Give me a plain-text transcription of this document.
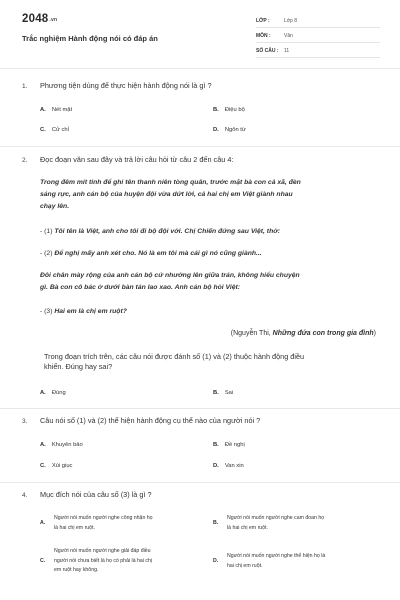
2048.vn
Trắc nghiệm Hành động nói có đáp án
LỚP :	Lớp 8
MÔN :	Văn
SỐ CÂU : 11
1. Phương tiện dùng để thực hiện hành động nói là gì ?
A. Nét mặt	B. Điệu bộ
C. Cử chỉ	D. Ngôn từ
2. Đọc đoạn văn sau đây và trả lời câu hỏi từ câu 2 đến câu 4:
Trong đêm mít tinh để ghi tên thanh niên tòng quân, trước mặt bà con cả xã, đèn
sáng rực, anh cán bộ của huyện đội vừa dứt lời, cả hai chị em Việt giành nhau
chạy lên.
- (1) Tôi tên là Việt, anh cho tôi đi bộ đội với. Chị Chiến đứng sau Việt, thở:
- (2) Để nghị mấy anh xét cho. Nó là em tôi mà cái gì nó cũng giành...
Đôi chân mày rộng của anh cán bộ cứ nhướng lên giữa trán, không hiểu chuyện
gì. Bà con cô bác ở dưới bàn tán lao xao. Anh cán bộ hỏi Việt:
- (3) Hai em là chị em ruột?
(Nguyễn Thi, Những đứa con trong gia đình)
Trong đoạn trích trên, các câu nói được đánh số (1) và (2) thuộc hành động điều
khiển. Đúng hay sai?
A. Đúng	B. Sai
3. Câu nói số (1) và (2) thể hiện hành động cụ thể nào của người nói ?
A. Khuyên bảo	B. Đề nghị
C. Xúi giục	D. Van xin
4. Mục đích nói của câu số (3) là gì ?
A.
Người nói muốn người nghe công nhận họ
là hai chị em ruột.
B.
Người nói muốn người nghe cam đoan họ
là hai chị em ruột.
C.
Người nói muốn người nghe giải đáp điều
người nói chưa biết là họ có phải là hai chị
em ruột hay không.
D.
Người nói muốn người nghe thể hiện họ là
hai chị em ruột.
